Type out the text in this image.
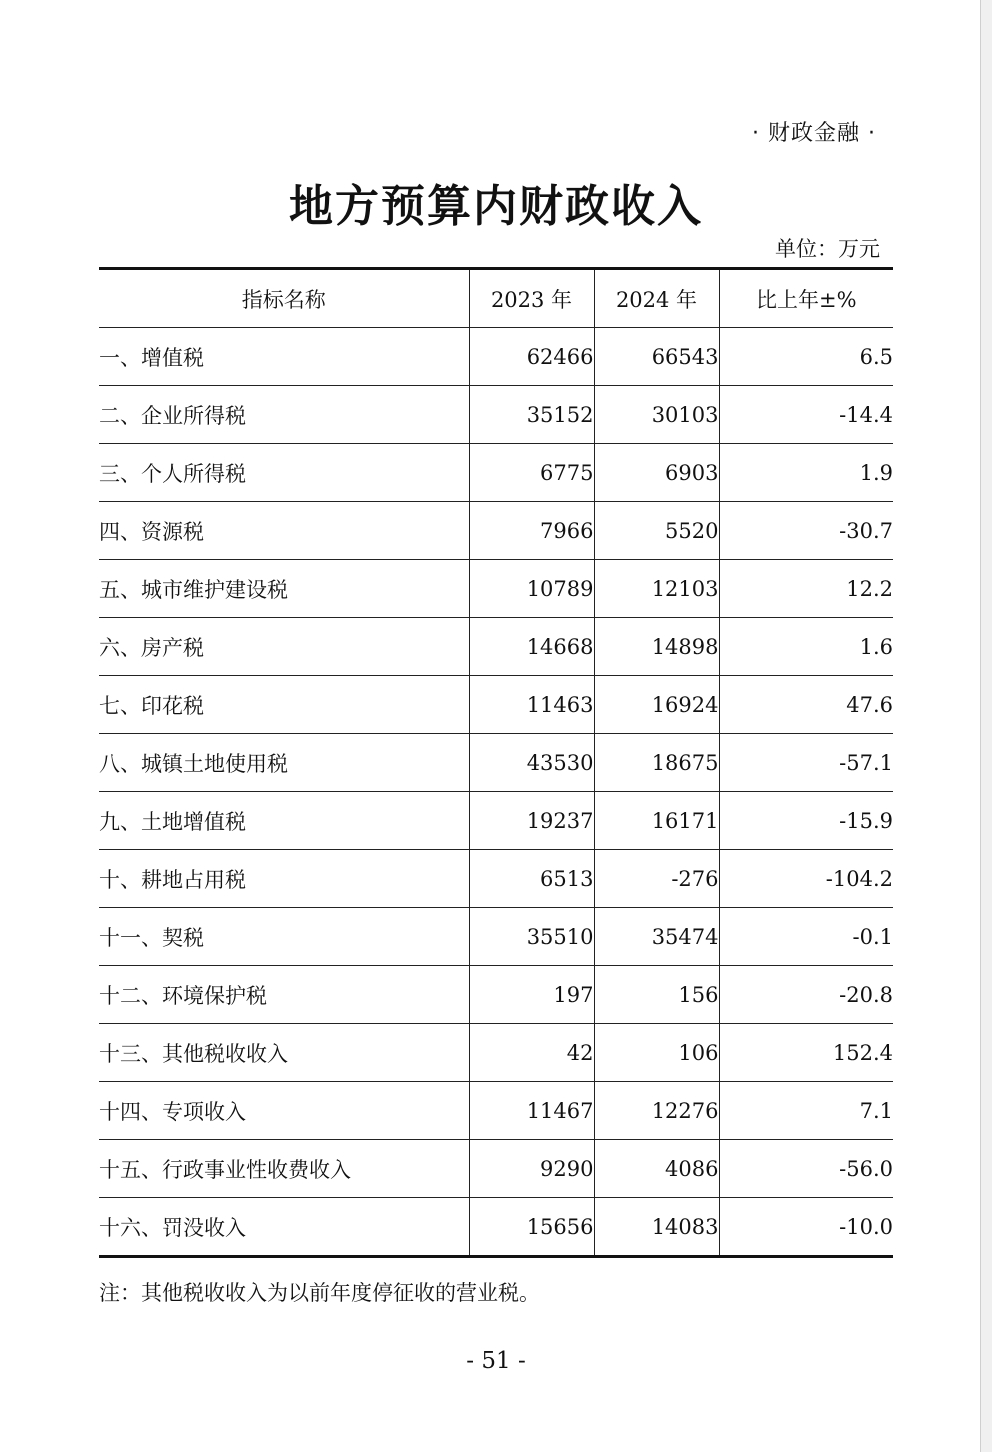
· 财政金融 ·
地方预算内财政收入
单位：万元
指标名称	2023 年	2024 年	比上年±%
一、增值税	62466	66543	6.5
二、企业所得税	35152	30103	-14.4
三、个人所得税	6775	6903	1.9
四、资源税	7966	5520	-30.7
五、城市维护建设税	10789	12103	12.2
六、房产税	14668	14898	1.6
七、印花税	11463	16924	47.6
八、城镇土地使用税	43530	18675	-57.1
九、土地增值税	19237	16171	-15.9
十、耕地占用税	6513	-276	-104.2
十一、契税	35510	35474	-0.1
十二、环境保护税	197	156	-20.8
十三、其他税收收入	42	106	152.4
十四、专项收入	11467	12276	7.1
十五、行政事业性收费收入	9290	4086	-56.0
十六、罚没收入	15656	14083	-10.0
注：其他税收收入为以前年度停征收的营业税。
- 51 -
